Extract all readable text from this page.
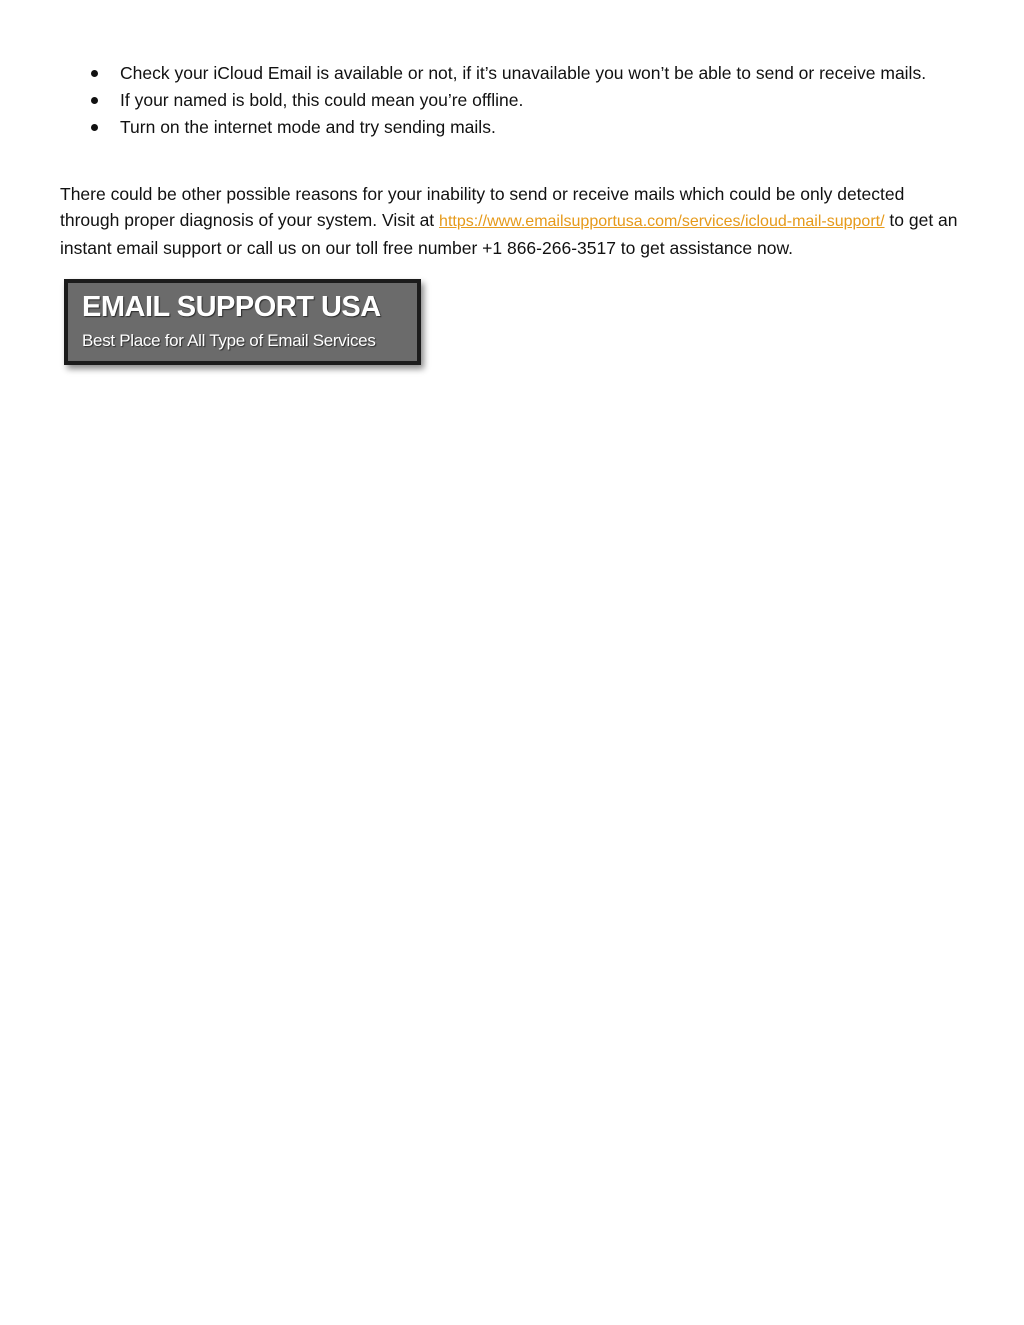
Check your iCloud Email is available or not, if it’s unavailable you won’t be able to send or receive mails.
If your named is bold, this could mean you’re offline.
Turn on the internet mode and try sending mails.

There could be other possible reasons for your inability to send or receive mails which could be only detected through proper diagnosis of your system. Visit at https://www.emailsupportusa.com/services/icloud-mail-support/ to get an instant email support or call us on our toll free number +1 866-266-3517 to get assistance now.

EMAIL SUPPORT USA
Best Place for All Type of Email Services
